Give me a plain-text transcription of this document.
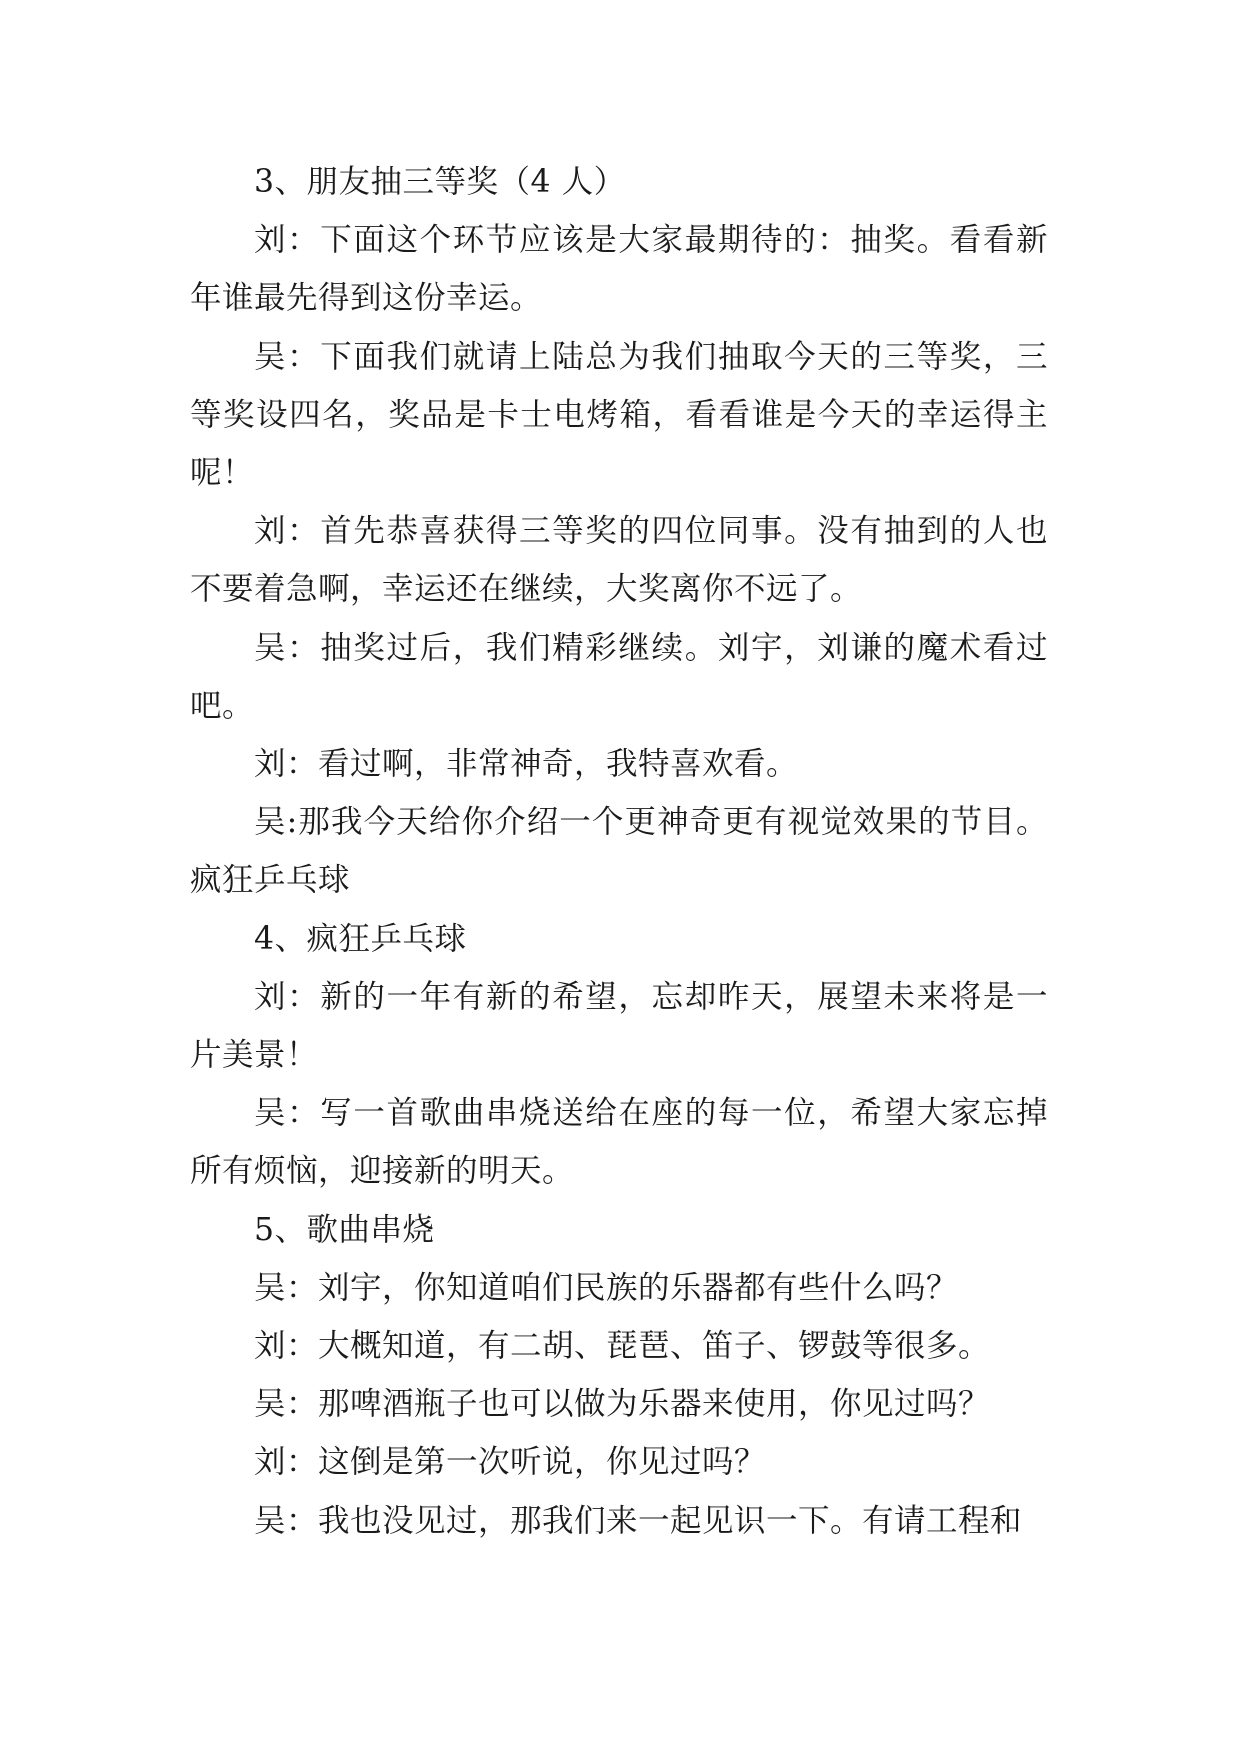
3、朋友抽三等奖（4 人）

刘：下面这个环节应该是大家最期待的：抽奖。看看新年谁最先得到这份幸运。

吴：下面我们就请上陆总为我们抽取今天的三等奖，三等奖设四名，奖品是卡士电烤箱，看看谁是今天的幸运得主呢！

刘：首先恭喜获得三等奖的四位同事。没有抽到的人也不要着急啊，幸运还在继续，大奖离你不远了。

吴：抽奖过后，我们精彩继续。刘宇，刘谦的魔术看过吧。

刘：看过啊，非常神奇，我特喜欢看。

吴:那我今天给你介绍一个更神奇更有视觉效果的节目。疯狂乒乓球

4、疯狂乒乓球

刘：新的一年有新的希望，忘却昨天，展望未来将是一片美景！

吴：写一首歌曲串烧送给在座的每一位，希望大家忘掉所有烦恼，迎接新的明天。

5、歌曲串烧

吴：刘宇，你知道咱们民族的乐器都有些什么吗？

刘：大概知道，有二胡、琵琶、笛子、锣鼓等很多。

吴：那啤酒瓶子也可以做为乐器来使用，你见过吗？

刘：这倒是第一次听说，你见过吗？

吴：我也没见过，那我们来一起见识一下。有请工程和
